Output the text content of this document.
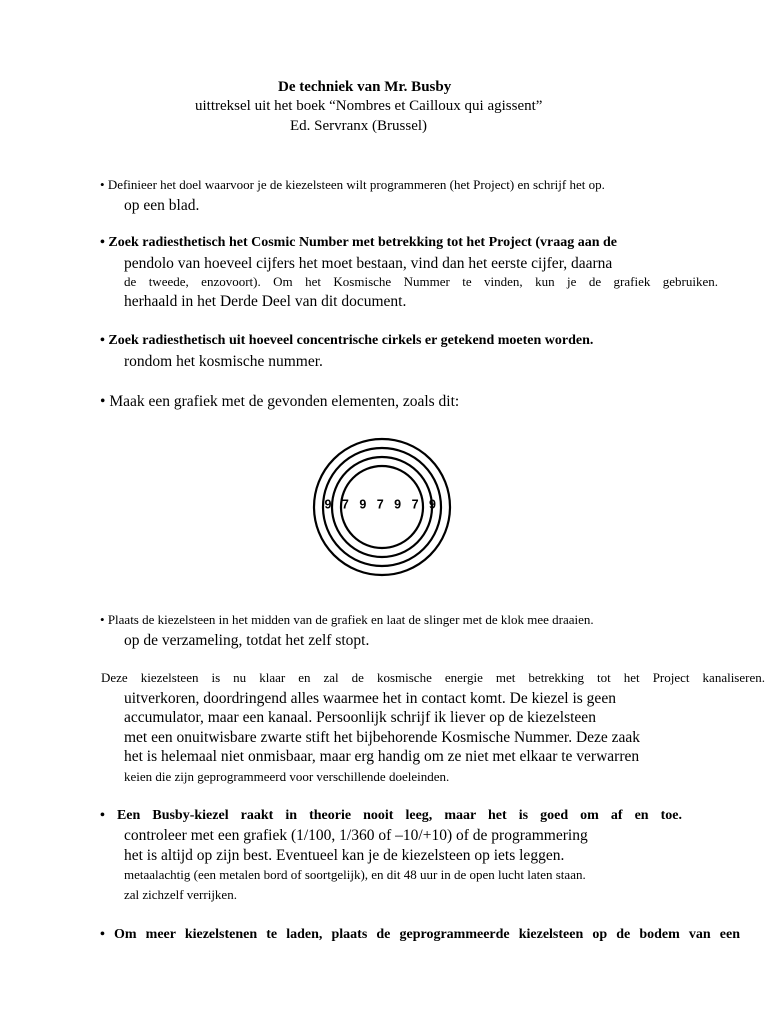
De techniek van Mr. Busby
uittreksel uit het boek “Nombres et Cailloux qui agissent”
Ed. Servranx (Brussel)
• Definieer het doel waarvoor je de kiezelsteen wilt programmeren (het Project) en schrijf het op.
op een blad.
• Zoek radiesthetisch het Cosmic Number met betrekking tot het Project (vraag aan de
pendolo van hoeveel cijfers het moet bestaan, vind dan het eerste cijfer, daarna
de tweede, enzovoort). Om het Kosmische Nummer te vinden, kun je de grafiek gebruiken.
herhaald in het Derde Deel van dit document.
• Zoek radiesthetisch uit hoeveel concentrische cirkels er getekend moeten worden.
rondom het kosmische nummer.
• Maak een grafiek met de gevonden elementen, zoals dit:
9 7 9 7 9 7 9
• Plaats de kiezelsteen in het midden van de grafiek en laat de slinger met de klok mee draaien.
op de verzameling, totdat het zelf stopt.
Deze kiezelsteen is nu klaar en zal de kosmische energie met betrekking tot het Project kanaliseren.
uitverkoren, doordringend alles waarmee het in contact komt. De kiezel is geen
accumulator, maar een kanaal. Persoonlijk schrijf ik liever op de kiezelsteen
met een onuitwisbare zwarte stift het bijbehorende Kosmische Nummer. Deze zaak
het is helemaal niet onmisbaar, maar erg handig om ze niet met elkaar te verwarren
keien die zijn geprogrammeerd voor verschillende doeleinden.
• Een Busby-kiezel raakt in theorie nooit leeg, maar het is goed om af en toe.
controleer met een grafiek (1/100, 1/360 of –10/+10) of de programmering
het is altijd op zijn best. Eventueel kan je de kiezelsteen op iets leggen.
metaalachtig (een metalen bord of soortgelijk), en dit 48 uur in de open lucht laten staan.
zal zichzelf verrijken.
• Om meer kiezelstenen te laden, plaats de geprogrammeerde kiezelsteen op de bodem van een
